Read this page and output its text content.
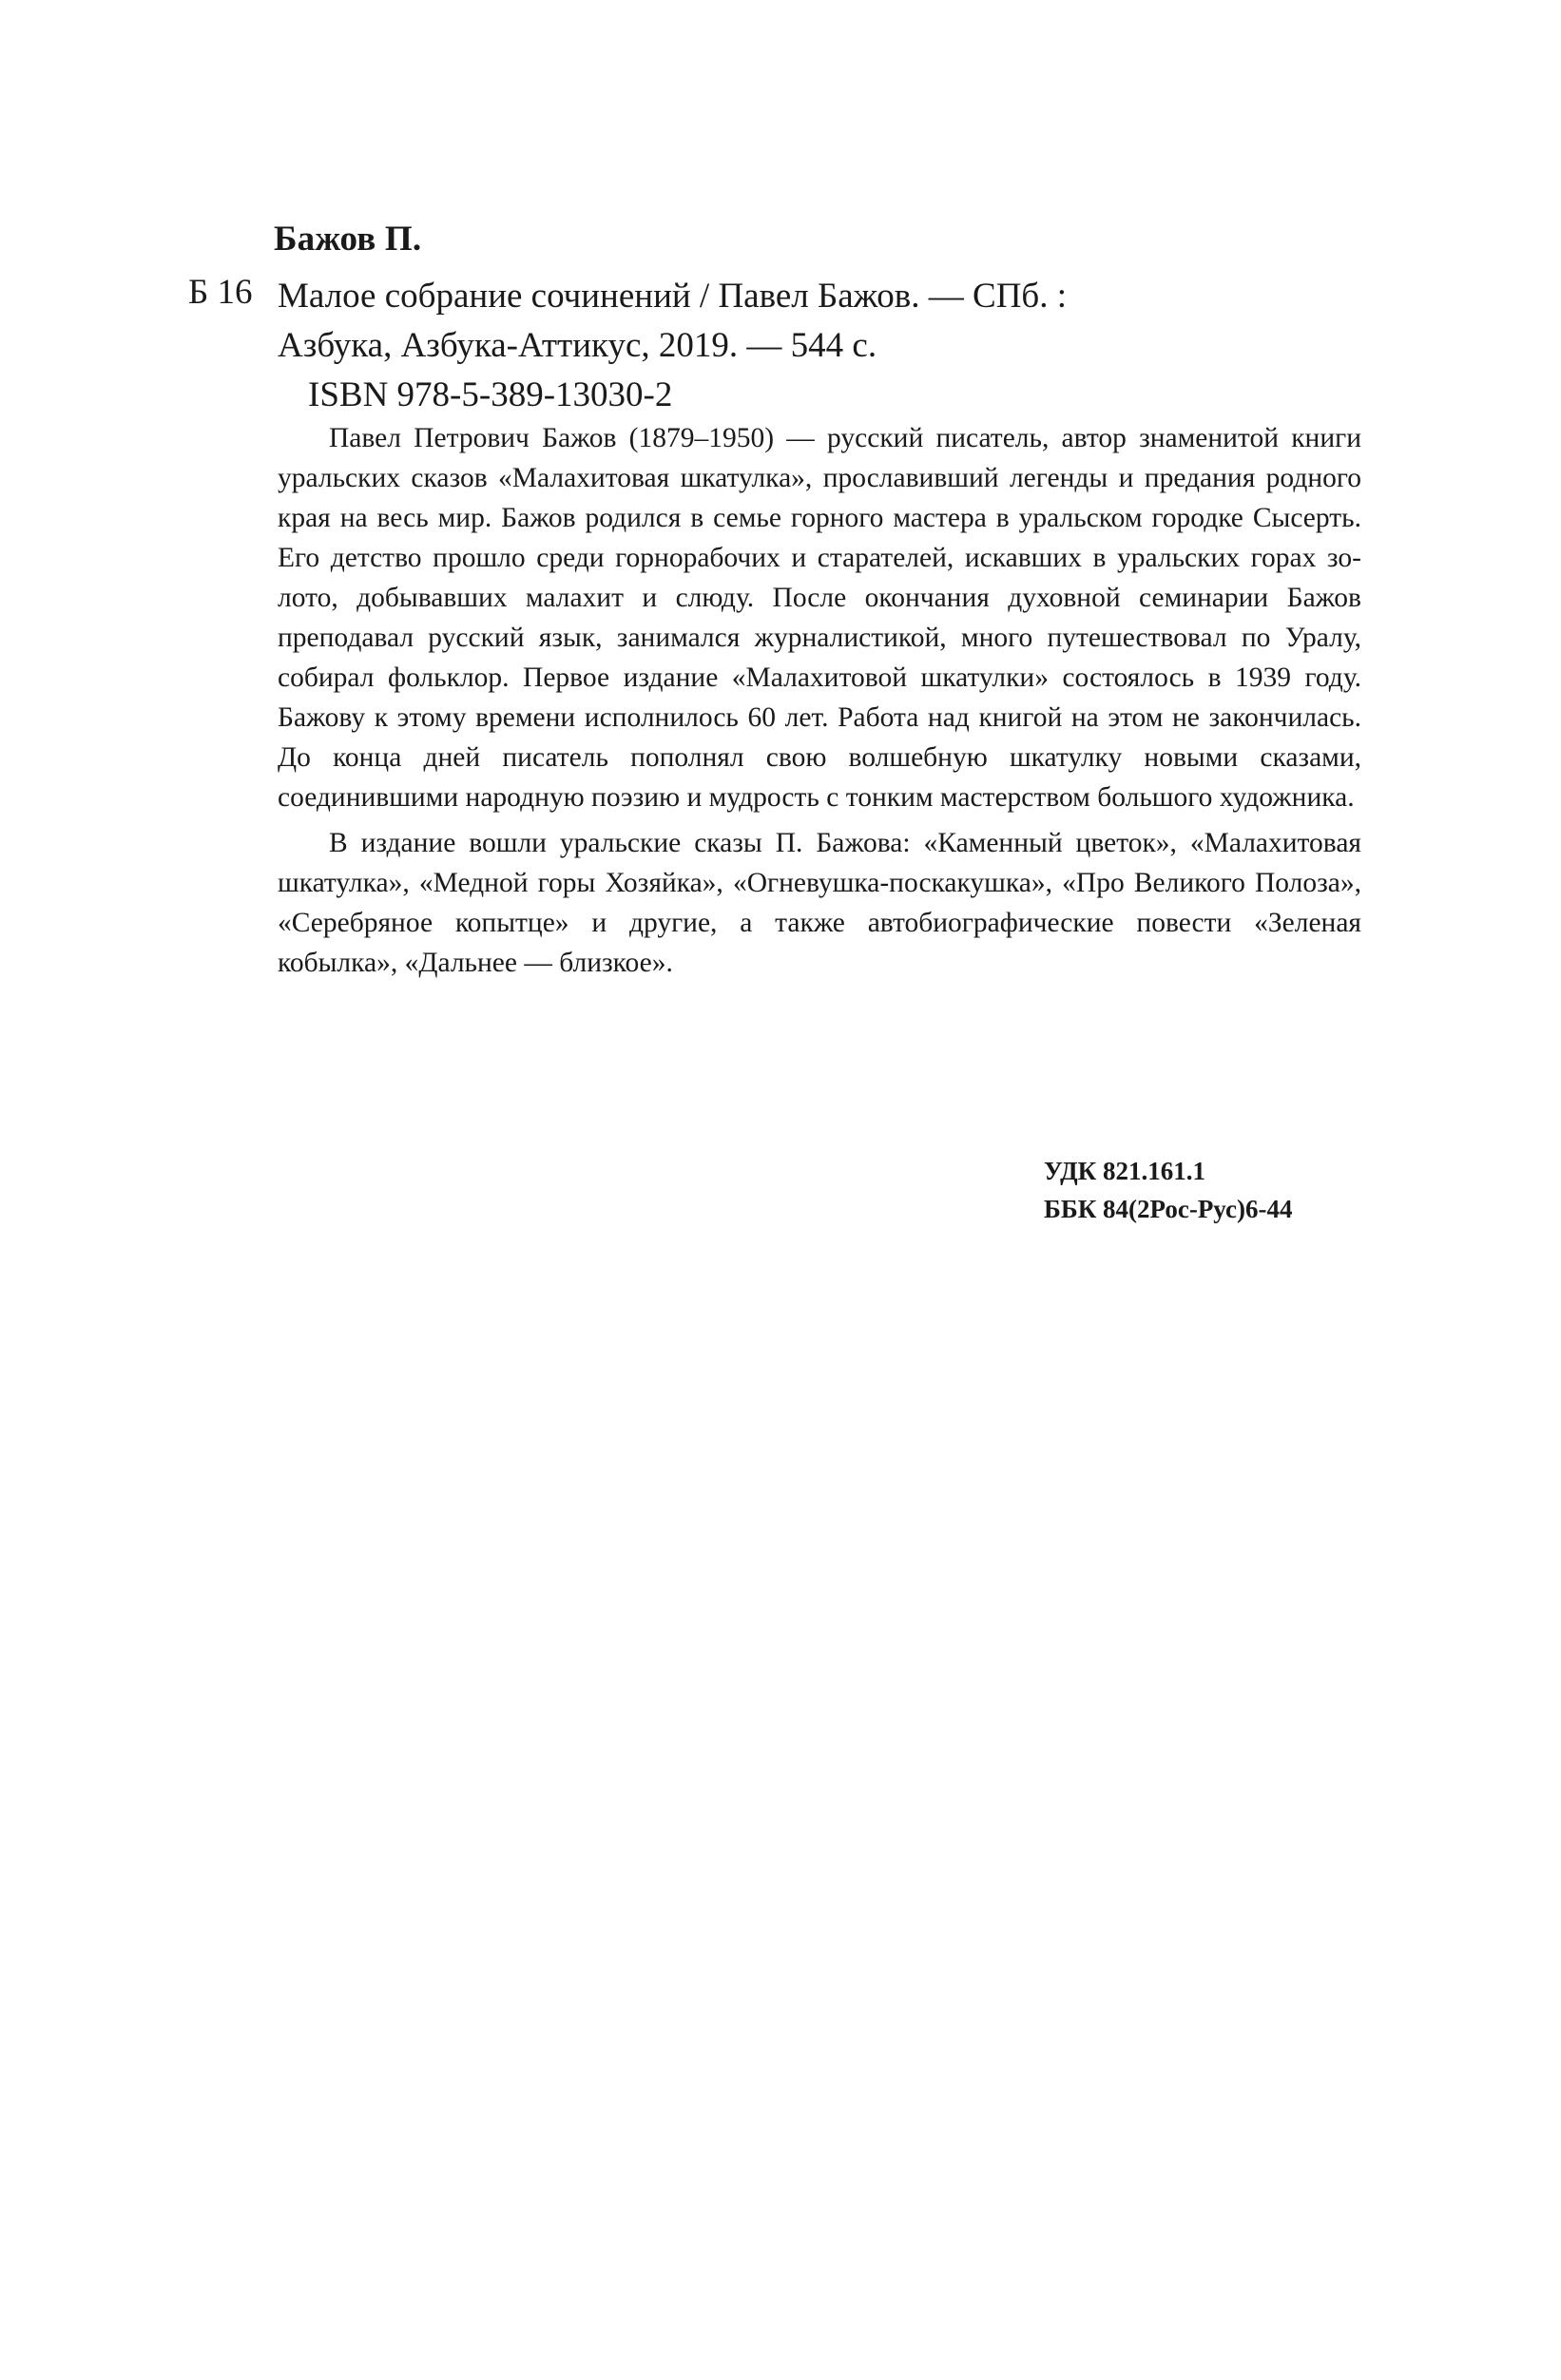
Бажов П.
Б 16 Малое собрание сочинений / Павел Бажов. — СПб. :
Азбука, Азбука-Аттикус, 2019. — 544 с.
ISBN 978-5-389-13030-2

Павел Петрович Бажов (1879–1950) — русский писатель, автор знаменитой книги уральских сказов «Малахитовая шкатулка», прославивший легенды и предания родного края на весь мир. Бажов родился в семье горного мастера в уральском городке Сысерть. Его детство прошло среди горнорабочих и старателей, искавших в уральских горах золото, добывавших малахит и слюду. После окончания духовной семинарии Бажов преподавал русский язык, занимался журналистикой, много путешествовал по Уралу, собирал фольклор. Первое издание «Малахитовой шкатулки» состоялось в 1939 году. Бажову к этому времени исполнилось 60 лет. Работа над книгой на этом не закончилась. До конца дней писатель пополнял свою волшебную шкатулку новыми сказами, соединившими народную поэзию и мудрость с тонким мастерством большого художника.

В издание вошли уральские сказы П. Бажова: «Каменный цветок», «Малахитовая шкатулка», «Медной горы Хозяйка», «Огневушка-поскакушка», «Про Великого Полоза», «Серебряное копытце» и другие, а также автобиографические повести «Зеленая кобылка», «Дальнее — близкое».

УДК 821.161.1
ББК 84(2Рос-Рус)6-44
